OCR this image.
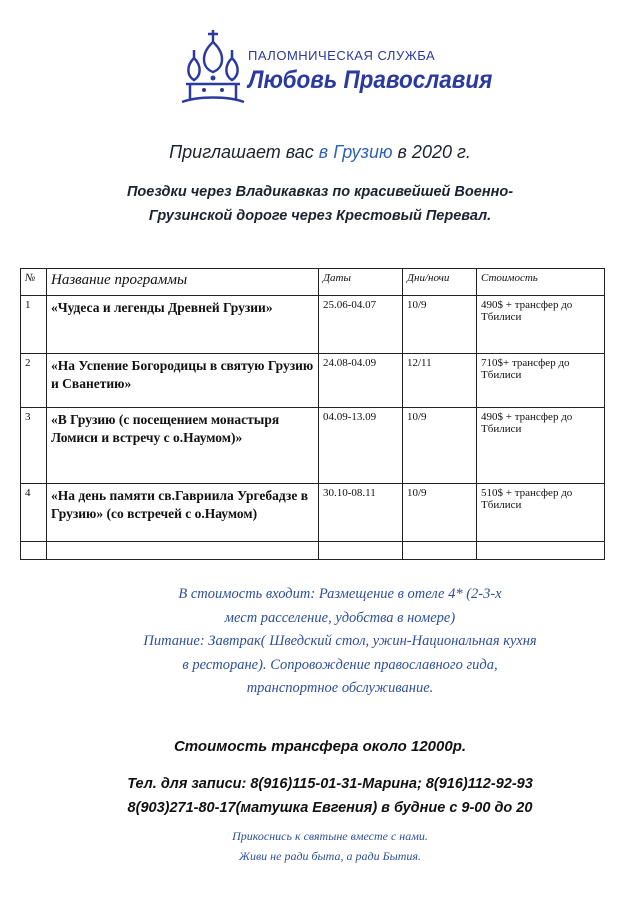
ПАЛОМНИЧЕСКАЯ СЛУЖБА
Любовь Православия
Приглашает вас в Грузию в 2020 г.
Поездки через Владикавказ по красивейшей Военно-
Грузинской дороге через Крестовый Перевал.
№	Название программы	Даты	Дни/ночи	Стоимость
1	«Чудеса и легенды Древней Грузии»	25.06-04.07	10/9	490$ + трансфер до Тбилиси
2	«На Успение Богородицы в святую Грузию и Сванетию»	24.08-04.09	12/11	710$+ трансфер до Тбилиси
3	«В Грузию (с посещением монастыря Ломиси и встречу с о.Наумом)»	04.09-13.09	10/9	490$ + трансфер до Тбилиси
4	«На день памяти св.Гавриила Ургебадзе в Грузию» (со встречей с о.Наумом)	30.10-08.11	10/9	510$ + трансфер до Тбилиси

В стоимость входит: Размещение в отеле 4* (2-3-х
мест расселение, удобства в номере)
Питание: Завтрак( Шведский стол, ужин-Национальная кухня
в ресторане). Сопровождение православного гида,
транспортное обслуживание.
Стоимость трансфера около 12000р.
Тел. для записи: 8(916)115-01-31-Марина; 8(916)112-92-93
8(903)271-80-17(матушка Евгения) в будние с 9-00 до 20
Прикоснись к святыне вместе с нами.
Живи не ради быта, а ради Бытия.
